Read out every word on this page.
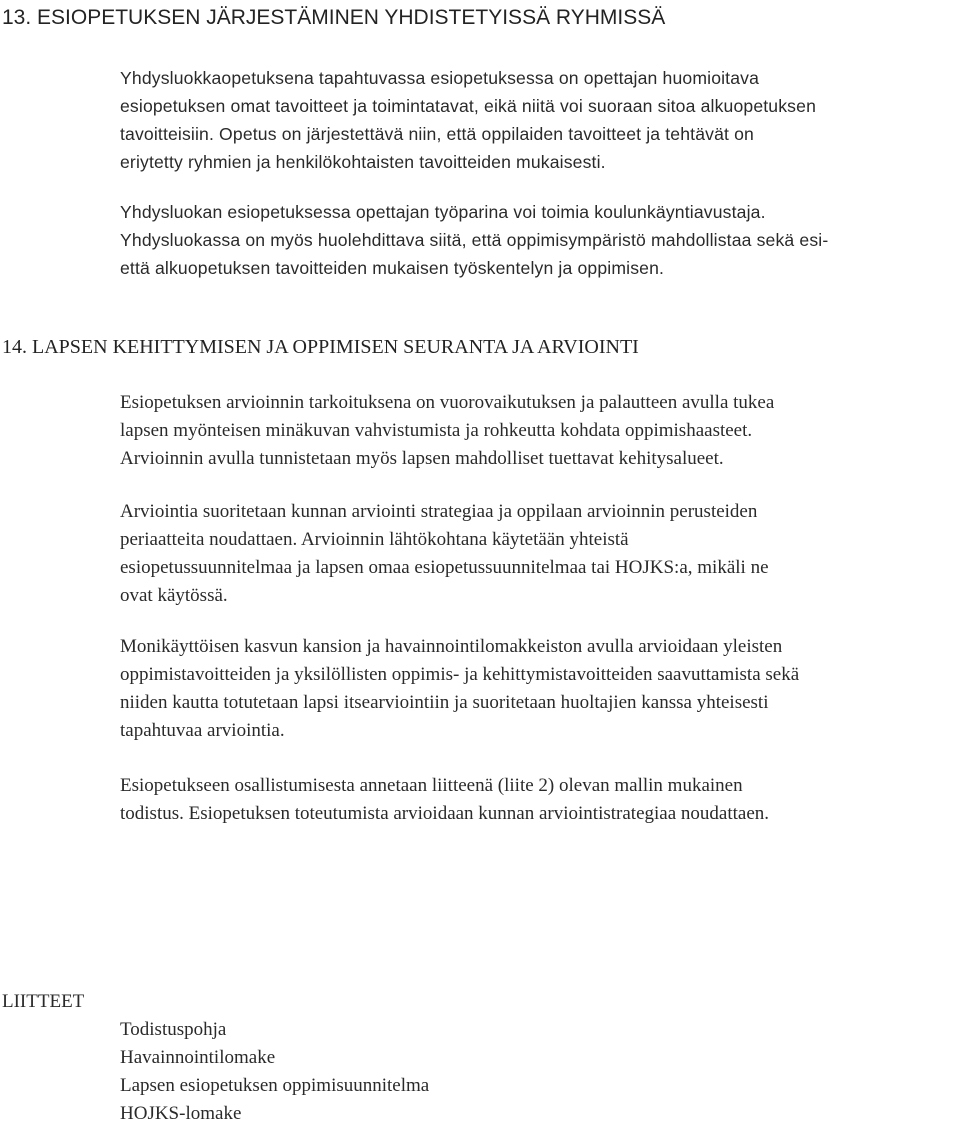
13. ESIOPETUKSEN JÄRJESTÄMINEN YHDISTETYISSÄ RYHMISSÄ

Yhdysluokkaopetuksena tapahtuvassa esiopetuksessa on opettajan huomioitava
esiopetuksen omat tavoitteet ja toimintatavat, eikä niitä voi suoraan sitoa alkuopetuksen
tavoitteisiin. Opetus on järjestettävä niin, että oppilaiden tavoitteet ja tehtävät on
eriytetty ryhmien ja henkilökohtaisten tavoitteiden mukaisesti.

Yhdysluokan esiopetuksessa opettajan työparina voi toimia koulunkäyntiavustaja.
Yhdysluokassa on myös huolehdittava siitä, että oppimisympäristö mahdollistaa sekä esi-
että alkuopetuksen tavoitteiden mukaisen työskentelyn ja oppimisen.

14. LAPSEN KEHITTYMISEN JA OPPIMISEN SEURANTA JA ARVIOINTI

Esiopetuksen arvioinnin tarkoituksena on vuorovaikutuksen ja palautteen avulla tukea
lapsen myönteisen minäkuvan vahvistumista ja rohkeutta kohdata oppimishaasteet.
Arvioinnin avulla tunnistetaan myös lapsen mahdolliset tuettavat kehitysalueet.

Arviointia suoritetaan kunnan arviointi strategiaa ja oppilaan arvioinnin perusteiden
periaatteita noudattaen. Arvioinnin lähtökohtana käytetään yhteistä
esiopetussuunnitelmaa ja lapsen omaa esiopetussuunnitelmaa tai HOJKS:a, mikäli ne
ovat käytössä.

Monikäyttöisen kasvun kansion ja havainnointilomakkeiston avulla arvioidaan yleisten
oppimistavoitteiden ja yksilöllisten oppimis- ja kehittymistavoitteiden saavuttamista sekä
niiden kautta totutetaan lapsi itsearviointiin ja suoritetaan huoltajien kanssa yhteisesti
tapahtuvaa arviointia.

Esiopetukseen osallistumisesta annetaan liitteenä (liite 2) olevan mallin mukainen
todistus. Esiopetuksen toteutumista arvioidaan kunnan arviointistrategiaa noudattaen.

LIITTEET
Todistuspohja
Havainnointilomake
Lapsen esiopetuksen oppimisuunnitelma
HOJKS-lomake
